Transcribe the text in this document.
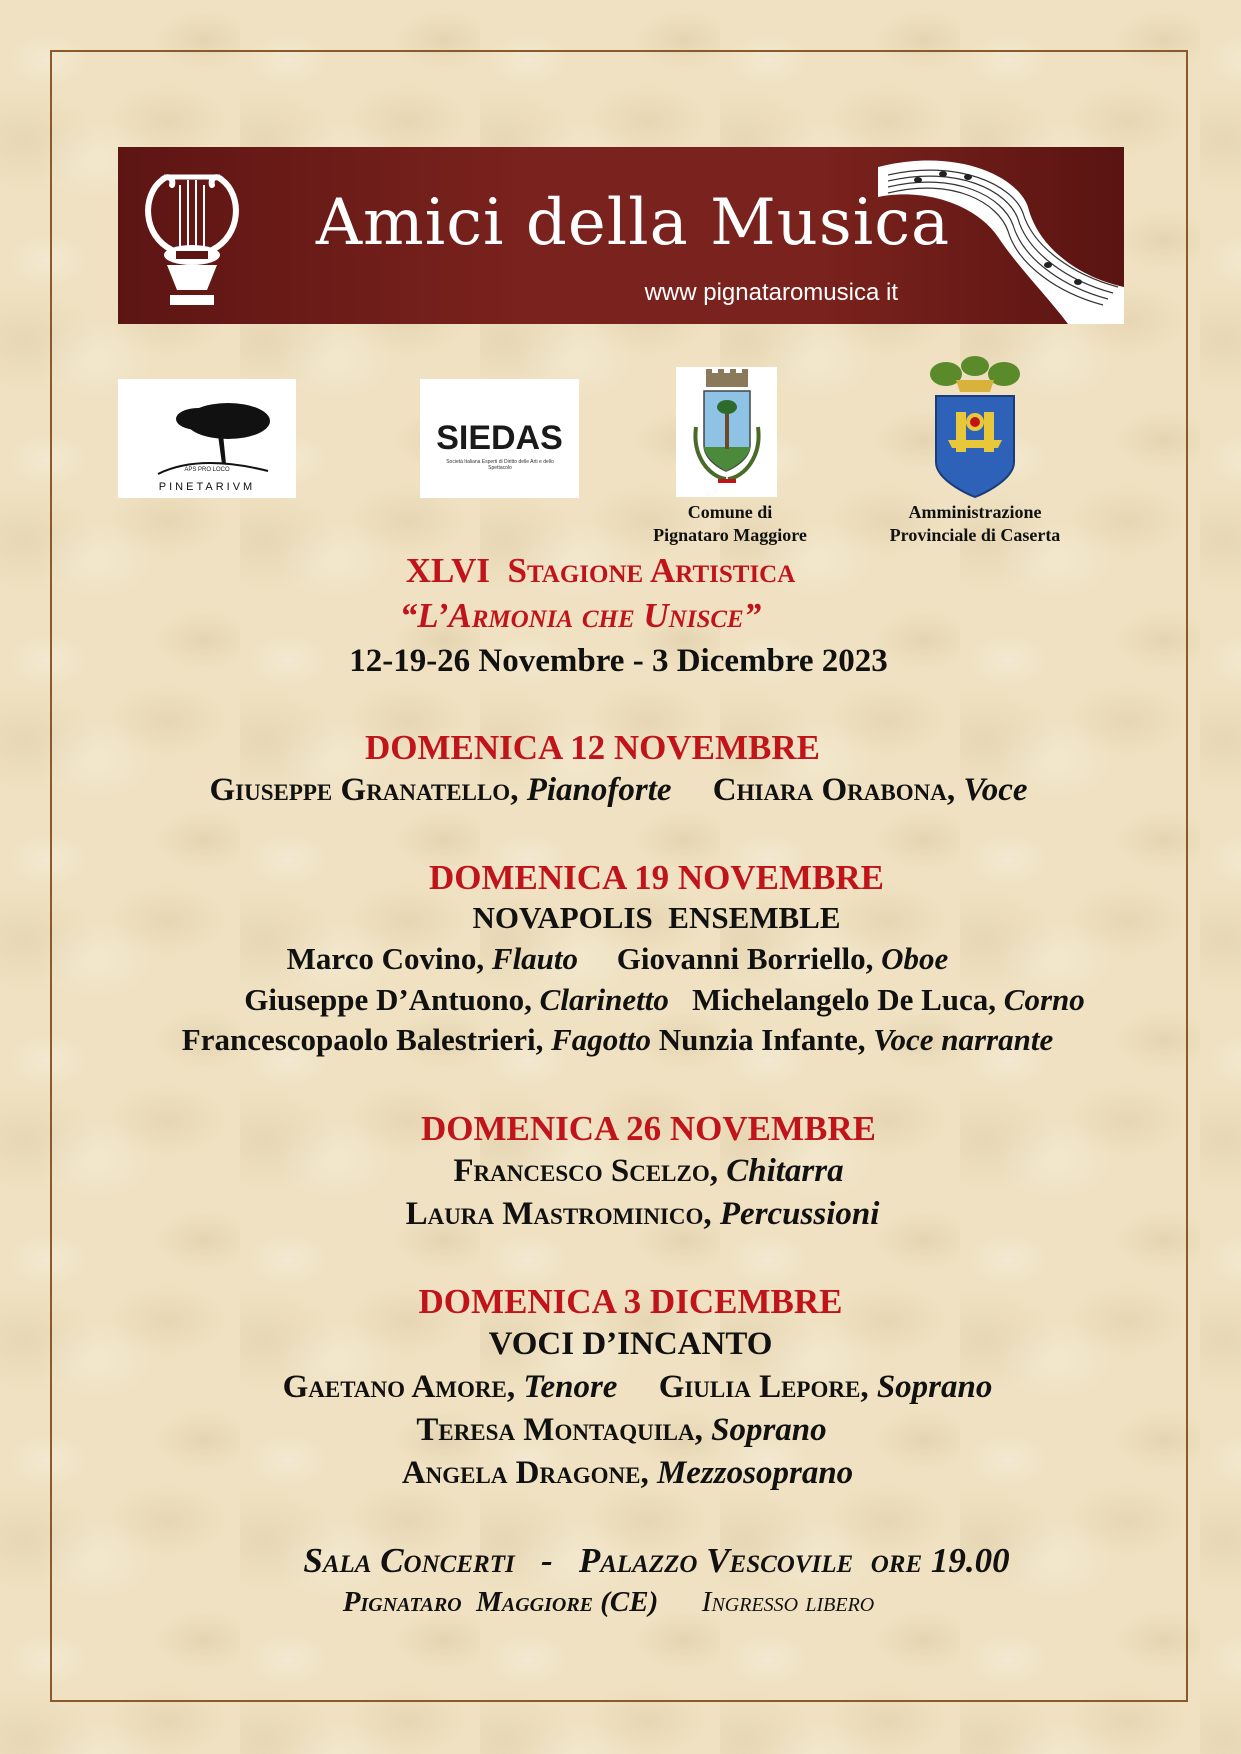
Amici della Musica
www pignataromusica it
APS PRO LOCO
PINETARIVM
SIEDAS
Società Italiana Esperti di Diritto delle Arti e dello Spettacolo
Comune di
Pignataro Maggiore
Amministrazione
Provinciale di Caserta
XLVI Stagione Artistica
“L’Armonia che Unisce”
12-19-26 Novembre - 3 Dicembre 2023
DOMENICA 12 NOVEMBRE
Giuseppe Granatello, Pianoforte Chiara Orabona, Voce
DOMENICA 19 NOVEMBRE
NOVAPOLIS  ENSEMBLE
Marco Covino, Flauto Giovanni Borriello, Oboe
Giuseppe D’Antuono, Clarinetto Michelangelo De Luca, Corno
Francescopaolo Balestrieri, Fagotto Nunzia Infante, Voce narrante
DOMENICA 26 NOVEMBRE
Francesco Scelzo, Chitarra
Laura Mastrominico, Percussioni
DOMENICA 3 DICEMBRE
VOCI D’INCANTO
Gaetano Amore, Tenore Giulia Lepore, Soprano
Teresa Montaquila, Soprano
Angela Dragone, Mezzosoprano
Sala Concerti - Palazzo Vescovile ore 19.00
Pignataro  Maggiore (CE) Ingresso libero
